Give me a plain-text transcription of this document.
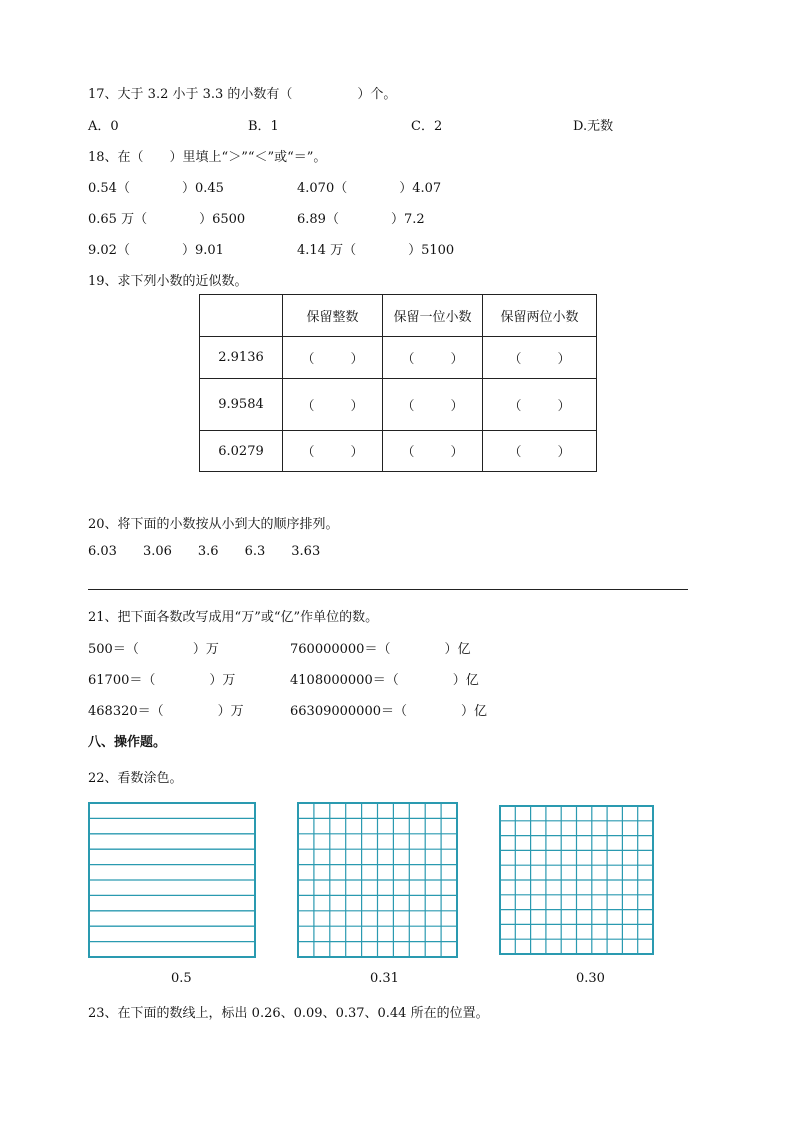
17、大于 3.2 小于 3.3 的小数有（　　　　　）个。
A．0	B．1	C．2	D.无数
18、在（　　）里填上“＞”“＜”或“＝”。
0.54（	）0.45	4.070（	）4.07
0.65 万（	）6500	6.89（	）7.2
9.02（	）9.01	4.14 万（	）5100
19、求下列小数的近似数。
	保留整数	保留一位小数	保留两位小数
2.9136	（ ）	（ ）	（ ）

9.9584	（ ）	（ ）	（ ）

6.0279	（ ）	（ ）	（ ）
20、将下面的小数按从小到大的顺序排列。
6.03 3.06 3.6 6.3 3.63
21、把下面各数改写成用“万”或“亿”作单位的数。
500＝（	）万	760000000＝（	）亿
61700＝（	）万	4108000000＝（	）亿
468320＝（	）万	66309000000＝（	）亿
八、操作题。
22、看数涂色。
0.5	0.31	0.30
23、在下面的数线上，标出 0.26、0.09、0.37、0.44 所在的位置。
